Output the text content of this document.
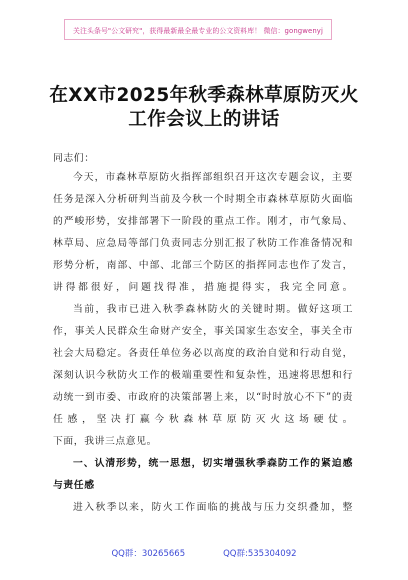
关注头条号"公文研究"，获得最新最全最专业的公文资料库！ 微信：gongwenyj
在XX市2025年秋季森林草原防灭火
工作会议上的讲话
同志们：
今天，市森林草原防火指挥部组织召开这次专题会议，主要任务是深入分析研判当前及今秋一个时期全市森林草原防火面临的严峻形势，安排部署下一阶段的重点工作。刚才，市气象局、林草局、应急局等部门负责同志分别汇报了秋防工作准备情况和形势分析，南部、中部、北部三个防区的指挥同志也作了发言，讲得都很好，问题找得准，措施提得实，我完全同意。
当前，我市已进入秋季森林防火的关键时期。做好这项工作，事关人民群众生命财产安全，事关国家生态安全，事关全市社会大局稳定。各责任单位务必以高度的政治自觉和行动自觉，深刻认识今秋防火工作的极端重要性和复杂性，迅速将思想和行动统一到市委、市政府的决策部署上来，以“时时放心不下”的责任感，坚决打赢今秋森林草原防灭火这场硬仗。
下面，我讲三点意见。
一、认清形势，统一思想，切实增强秋季森防工作的紧迫感与责任感
进入秋季以来，防火工作面临的挑战与压力交织叠加，整
QQ群：30265665	QQ群:535304092
